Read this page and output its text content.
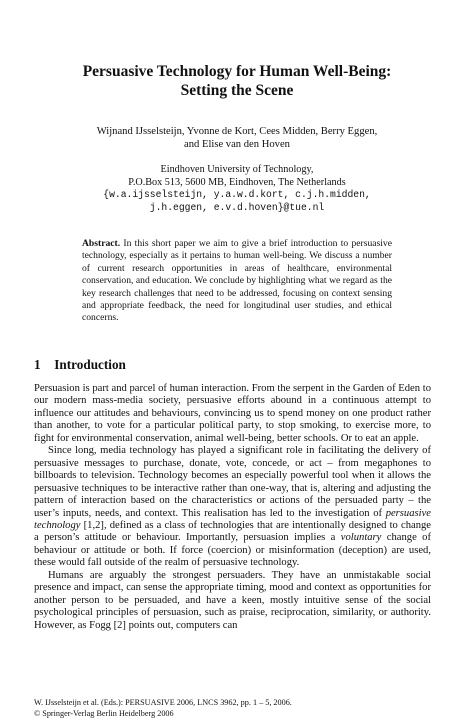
Persuasive Technology for Human Well-Being:
Setting the Scene
Wijnand IJsselsteijn, Yvonne de Kort, Cees Midden, Berry Eggen,
and Elise van den Hoven
Eindhoven University of Technology,
P.O.Box 513, 5600 MB, Eindhoven, The Netherlands
{w.a.ijsselsteijn, y.a.w.d.kort, c.j.h.midden,
j.h.eggen, e.v.d.hoven}@tue.nl
Abstract. In this short paper we aim to give a brief introduction to persuasive technology, especially as it pertains to human well-being. We discuss a number of current research opportunities in areas of healthcare, environmental conservation, and education. We conclude by highlighting what we regard as the key research challenges that need to be addressed, focusing on context sensing and appropriate feedback, the need for longitudinal user studies, and ethical concerns.
1 Introduction

Persuasion is part and parcel of human interaction. From the serpent in the Garden of Eden to our modern mass-media society, persuasive efforts abound in a continuous attempt to influence our attitudes and behaviours, convincing us to spend money on one product rather than another, to vote for a particular political party, to stop smoking, to exercise more, to fight for environmental conservation, animal well-being, better schools. Or to eat an apple.

Since long, media technology has played a significant role in facilitating the delivery of persuasive messages to purchase, donate, vote, concede, or act – from megaphones to billboards to television. Technology becomes an especially powerful tool when it allows the persuasive techniques to be interactive rather than one-way, that is, altering and adjusting the pattern of interaction based on the characteristics or actions of the persuaded party – the user’s inputs, needs, and context. This realisation has led to the investigation of persuasive technology [1,2], defined as a class of technologies that are intentionally designed to change a person’s attitude or behaviour. Importantly, persuasion implies a voluntary change of behaviour or attitude or both. If force (coercion) or misinformation (deception) are used, these would fall outside of the realm of persuasive technology.

Humans are arguably the strongest persuaders. They have an unmistakable social presence and impact, can sense the appropriate timing, mood and context as opportunities for another person to be persuaded, and have a keen, mostly intuitive sense of the social psychological principles of persuasion, such as praise, reciprocation, similarity, or authority. However, as Fogg [2] points out, computers can

W. IJsselsteijn et al. (Eds.): PERSUASIVE 2006, LNCS 3962, pp. 1 – 5, 2006.
© Springer-Verlag Berlin Heidelberg 2006
